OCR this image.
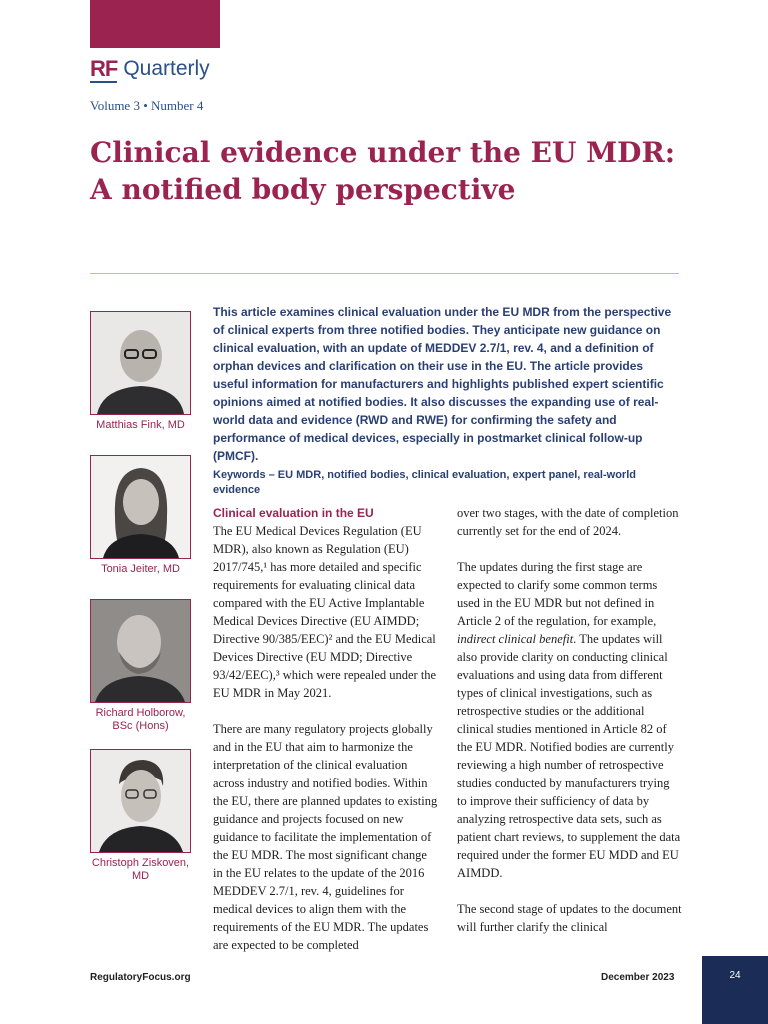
RF Quarterly
Volume 3 • Number 4
Clinical evidence under the EU MDR:
A notified body perspective
Matthias Fink, MD
Tonia Jeiter, MD
Richard Holborow, BSc (Hons)
Christoph Ziskoven, MD

This article examines clinical evaluation under the EU MDR from the perspective of clinical experts from three notified bodies. They anticipate new guidance on clinical evaluation, with an update of MEDDEV 2.7/1, rev. 4, and a definition of orphan devices and clarification on their use in the EU. The article provides useful information for manufacturers and highlights published expert scientific opinions aimed at notified bodies. It also discusses the expanding use of real-world data and evidence (RWD and RWE) for confirming the safety and performance of medical devices, especially in postmarket clinical follow-up (PMCF).

Keywords – EU MDR, notified bodies, clinical evaluation, expert panel, real-world evidence

Clinical evaluation in the EU

The EU Medical Devices Regulation (EU MDR), also known as Regulation (EU) 2017/745,¹ has more detailed and specific requirements for evaluating clinical data compared with the EU Active Implantable Medical Devices Directive (EU AIMDD; Directive 90/385/EEC)² and the EU Medical Devices Directive (EU MDD; Directive 93/42/EEC),³ which were repealed under the EU MDR in May 2021.

There are many regulatory projects globally and in the EU that aim to harmonize the interpretation of the clinical evaluation across industry and notified bodies. Within the EU, there are planned updates to existing guidance and projects focused on new guidance to facilitate the implementation of the EU MDR. The most significant change in the EU relates to the update of the 2016 MEDDEV 2.7/1, rev. 4, guidelines for medical devices to align them with the requirements of the EU MDR. The updates are expected to be completed

over two stages, with the date of completion currently set for the end of 2024.

The updates during the first stage are expected to clarify some common terms used in the EU MDR but not defined in Article 2 of the regulation, for example, indirect clinical benefit. The updates will also provide clarity on conducting clinical evaluations and using data from different types of clinical investigations, such as retrospective studies or the additional clinical studies mentioned in Article 82 of the EU MDR. Notified bodies are currently reviewing a high number of retrospective studies conducted by manufacturers trying to improve their sufficiency of data by analyzing retrospective data sets, such as patient chart reviews, to supplement the data required under the former EU MDD and EU AIMDD.

The second stage of updates to the document will further clarify the clinical

RegulatoryFocus.org	December 2023	24
